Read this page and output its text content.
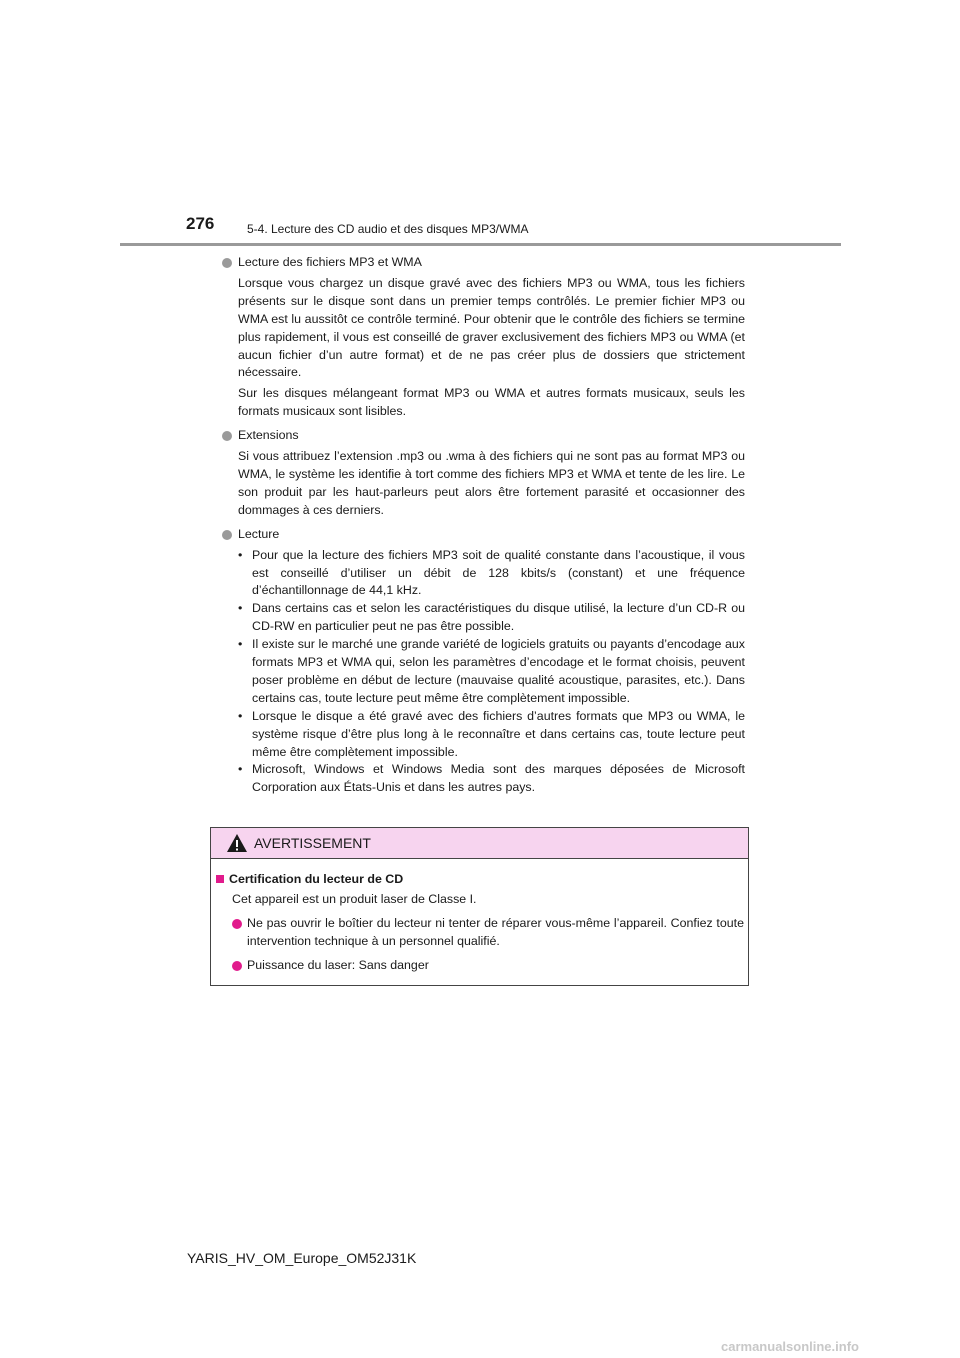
276	5-4. Lecture des CD audio et des disques MP3/WMA

Lecture des fichiers MP3 et WMA

Lorsque vous chargez un disque gravé avec des fichiers MP3 ou WMA, tous les fichiers présents sur le disque sont dans un premier temps contrôlés. Le premier fichier MP3 ou WMA est lu aussitôt ce contrôle terminé. Pour obtenir que le contrôle des fichiers se termine plus rapidement, il vous est conseillé de graver exclusivement des fichiers MP3 ou WMA (et aucun fichier d’un autre format) et de ne pas créer plus de dossiers que strictement nécessaire.

Sur les disques mélangeant format MP3 ou WMA et autres formats musicaux, seuls les formats musicaux sont lisibles.

Extensions

Si vous attribuez l’extension .mp3 ou .wma à des fichiers qui ne sont pas au format MP3 ou WMA, le système les identifie à tort comme des fichiers MP3 et WMA et tente de les lire. Le son produit par les haut-parleurs peut alors être fortement parasité et occasionner des dommages à ces derniers.

Lecture

• Pour que la lecture des fichiers MP3 soit de qualité constante dans l’acoustique, il vous est conseillé d’utiliser un débit de 128 kbits/s (constant) et une fréquence d’échantillonnage de 44,1 kHz.
• Dans certains cas et selon les caractéristiques du disque utilisé, la lecture d’un CD-R ou CD-RW en particulier peut ne pas être possible.
• Il existe sur le marché une grande variété de logiciels gratuits ou payants d’encodage aux formats MP3 et WMA qui, selon les paramètres d’encodage et le format choisis, peuvent poser problème en début de lecture (mauvaise qualité acoustique, parasites, etc.). Dans certains cas, toute lecture peut même être complètement impossible.
• Lorsque le disque a été gravé avec des fichiers d’autres formats que MP3 ou WMA, le système risque d’être plus long à le reconnaître et dans certains cas, toute lecture peut même être complètement impossible.
• Microsoft, Windows et Windows Media sont des marques déposées de Microsoft Corporation aux États-Unis et dans les autres pays.
AVERTISSEMENT

Certification du lecteur de CD

Cet appareil est un produit laser de Classe I.

Ne pas ouvrir le boîtier du lecteur ni tenter de réparer vous-même l’appareil. Confiez toute intervention technique à un personnel qualifié.

Puissance du laser: Sans danger

YARIS_HV_OM_Europe_OM52J31K
carmanualsonline.info
